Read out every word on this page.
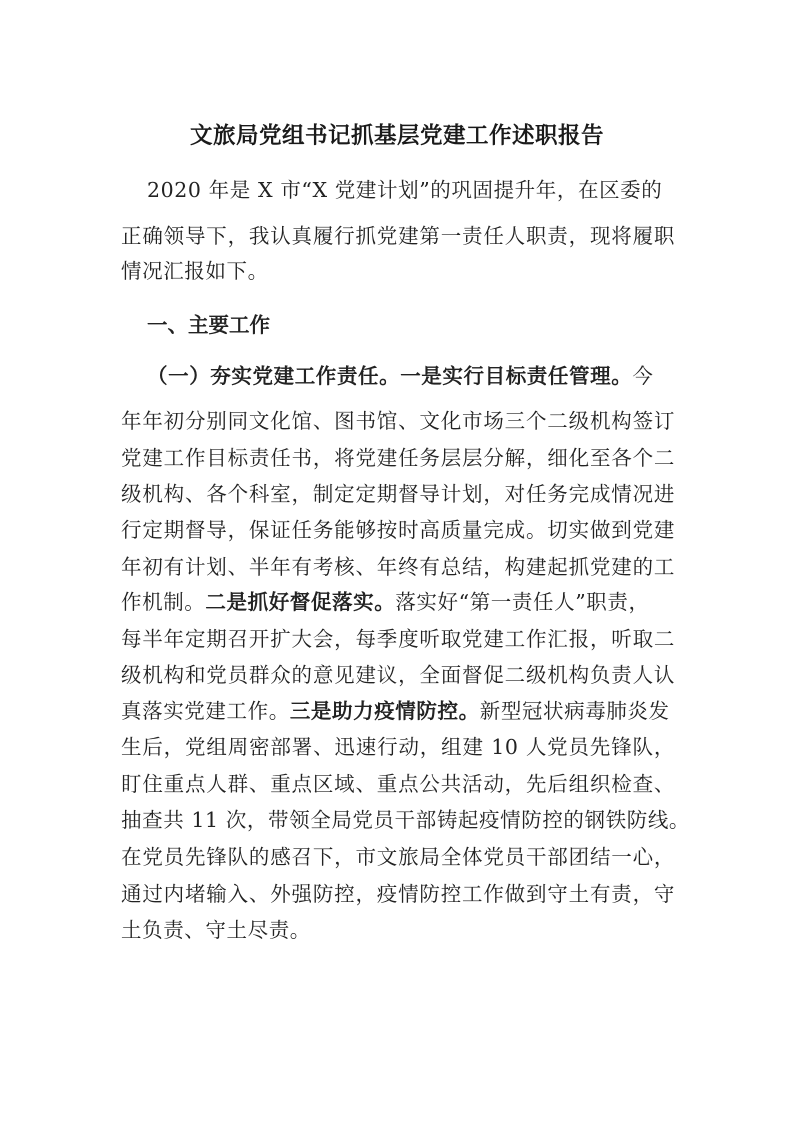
文旅局党组书记抓基层党建工作述职报告
2020 年是 X 市“X 党建计划”的巩固提升年，在区委的
正确领导下，我认真履行抓党建第一责任人职责，现将履职
情况汇报如下。
一、主要工作
（一）夯实党建工作责任。一是实行目标责任管理。今
年年初分别同文化馆、图书馆、文化市场三个二级机构签订
党建工作目标责任书，将党建任务层层分解，细化至各个二
级机构、各个科室，制定定期督导计划，对任务完成情况进
行定期督导，保证任务能够按时高质量完成。切实做到党建
年初有计划、半年有考核、年终有总结，构建起抓党建的工
作机制。二是抓好督促落实。落实好“第一责任人”职责，
每半年定期召开扩大会，每季度听取党建工作汇报，听取二
级机构和党员群众的意见建议，全面督促二级机构负责人认
真落实党建工作。三是助力疫情防控。新型冠状病毒肺炎发
生后，党组周密部署、迅速行动，组建 10 人党员先锋队，
盯住重点人群、重点区域、重点公共活动，先后组织检查、
抽查共 11 次，带领全局党员干部铸起疫情防控的钢铁防线。
在党员先锋队的感召下，市文旅局全体党员干部团结一心，
通过内堵输入、外强防控，疫情防控工作做到守土有责，守
土负责、守土尽责。
